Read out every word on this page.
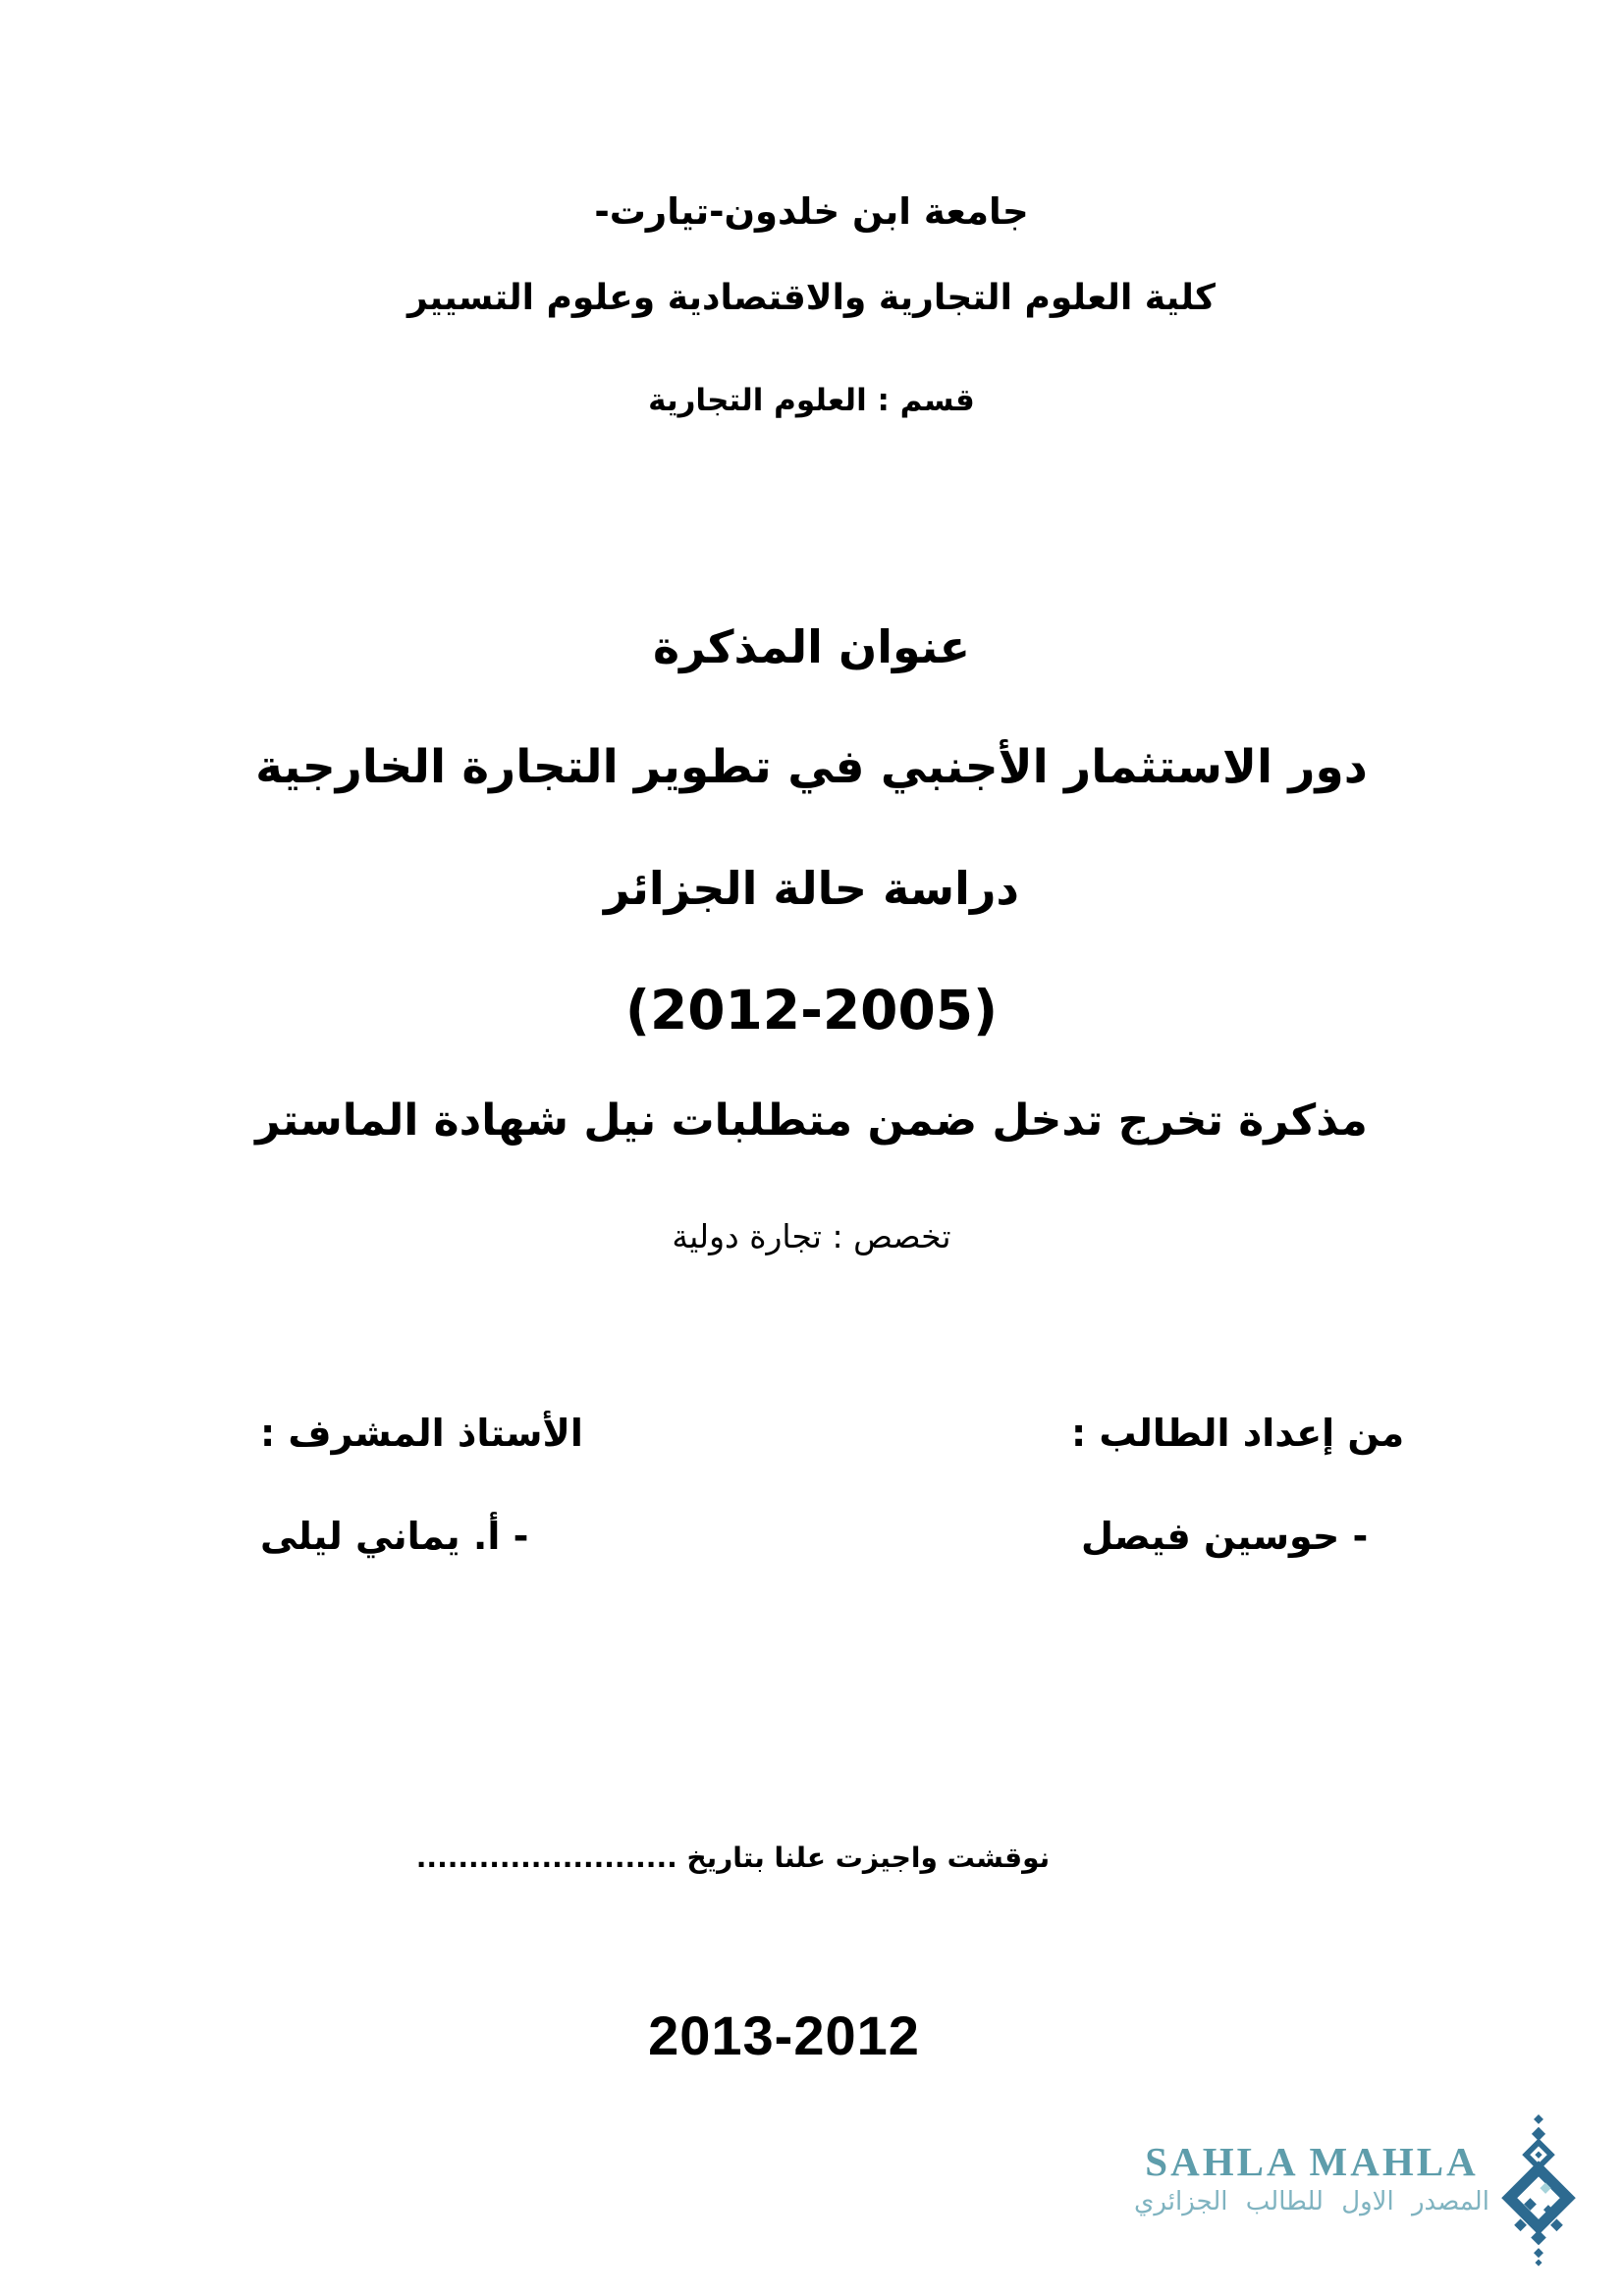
جامعة ابن خلدون-تيارت-
كلية العلوم التجارية والاقتصادية وعلوم التسيير
قسم : العلوم التجارية
عنوان المذكرة
دور الاستثمار الأجنبي في تطوير التجارة الخارجية
دراسة حالة الجزائر
(2012-2005)
مذكرة تخرج تدخل ضمن متطلبات نيل شهادة الماستر
تخصص : تجارة دولية
من إعداد الطالب :
الأستاذ المشرف :
- حوسين فيصل
- أ. يماني ليلى
نوقشت واجيزت علنا بتاريخ .........................
2013-2012
SAHLA MAHLA
المصدر الاول للطالب الجزائري
